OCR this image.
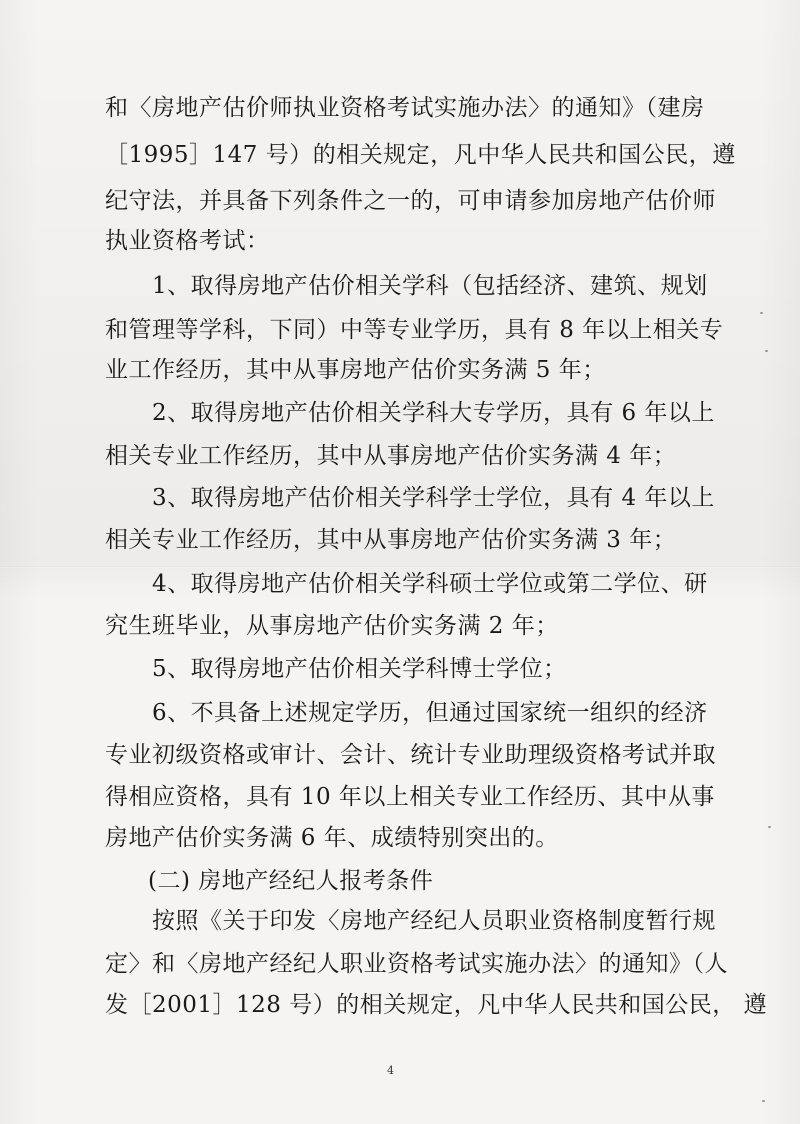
和〈房地产估价师执业资格考试实施办法〉的通知》（建房
［1995］147 号）的相关规定，凡中华人民共和国公民，遵
纪守法，并具备下列条件之一的，可申请参加房地产估价师
执业资格考试：
1、取得房地产估价相关学科（包括经济、建筑、规划
和管理等学科，下同）中等专业学历，具有 8 年以上相关专
业工作经历，其中从事房地产估价实务满 5 年；
2、取得房地产估价相关学科大专学历，具有 6 年以上
相关专业工作经历，其中从事房地产估价实务满 4 年；
3、取得房地产估价相关学科学士学位，具有 4 年以上
相关专业工作经历，其中从事房地产估价实务满 3 年；
4、取得房地产估价相关学科硕士学位或第二学位、研
究生班毕业，从事房地产估价实务满 2 年；
5、取得房地产估价相关学科博士学位；
6、不具备上述规定学历，但通过国家统一组织的经济
专业初级资格或审计、会计、统计专业助理级资格考试并取
得相应资格，具有 10 年以上相关专业工作经历、其中从事
房地产估价实务满 6 年、成绩特别突出的。
(二) 房地产经纪人报考条件
按照《关于印发〈房地产经纪人员职业资格制度暂行规
定〉和〈房地产经纪人职业资格考试实施办法〉的通知》（人
发［2001］128 号）的相关规定，凡中华人民共和国公民， 遵
4
